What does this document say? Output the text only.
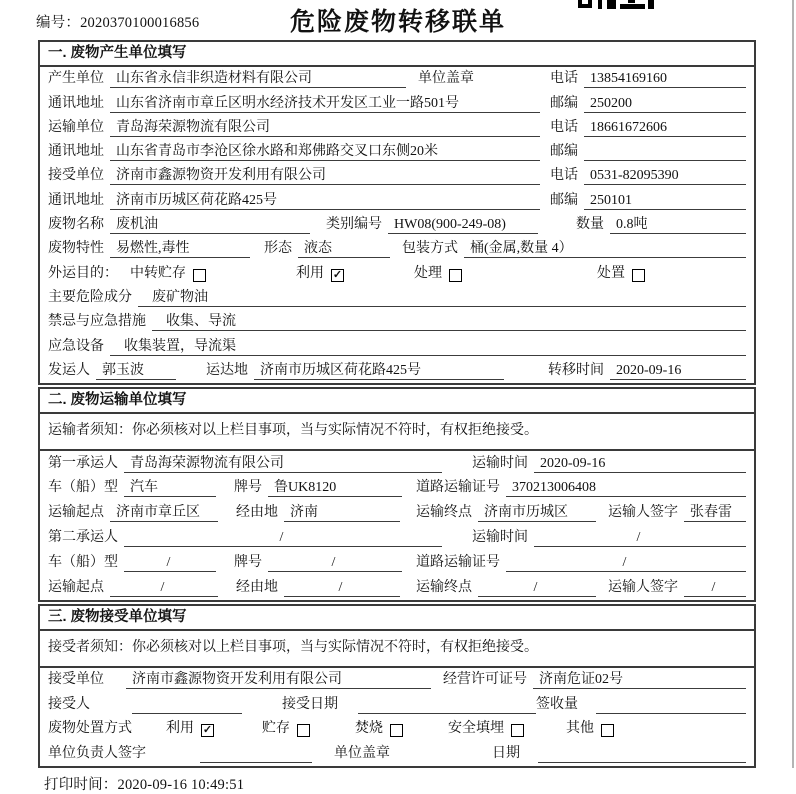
编号：2020370100016856	危险废物转移联单
一. 废物产生单位填写
产生单位 山东省永信非织造材料有限公司	单位盖章	电话 13854169160
通讯地址 山东省济南市章丘区明水经济技术开发区工业一路501号	邮编 250200
运输单位 青岛海荣源物流有限公司	电话 18661672606
通讯地址 山东省青岛市李沧区徐水路和郑佛路交叉口东侧20米	邮编
接受单位 济南市鑫源物资开发利用有限公司	电话 0531-82095390
通讯地址 济南市历城区荷花路425号	邮编 250101
废物名称 废机油	类别编号 HW08(900-249-08)	数量 0.8吨
废物特性 易燃性,毒性	形态 液态	包装方式 桶(金属,数量 4）
外运目的： 中转贮存	利用 ✓	处理	处置
主要危险成分	废矿物油
禁忌与应急措施	收集、导流
应急设备	收集装置，导流渠
发运人 郭玉波	运达地 济南市历城区荷花路425号	转移时间 2020-09-16
二. 废物运输单位填写
运输者须知：你必须核对以上栏目事项，当与实际情况不符时，有权拒绝接受。
第一承运人 青岛海荣源物流有限公司	运输时间 2020-09-16
车（船）型 汽车	牌号 鲁UK8120	道路运输证号 370213006408
运输起点 济南市章丘区	经由地 济南	运输终点 济南市历城区	运输人签字 张春雷
第二承运人	/	运输时间	/
车（船）型	/	牌号	/	道路运输证号	/
运输起点	/	经由地	/	运输终点	/	运输人签字	/
三. 废物接受单位填写
接受者须知：你必须核对以上栏目事项，当与实际情况不符时，有权拒绝接受。
接受单位	济南市鑫源物资开发利用有限公司	经营许可证号 济南危证02号
接受人	接受日期	签收量
废物处置方式 利用 ✓	贮存	焚烧	安全填埋	其他
单位负责人签字	单位盖章	日期
打印时间：2020-09-16 10:49:51
